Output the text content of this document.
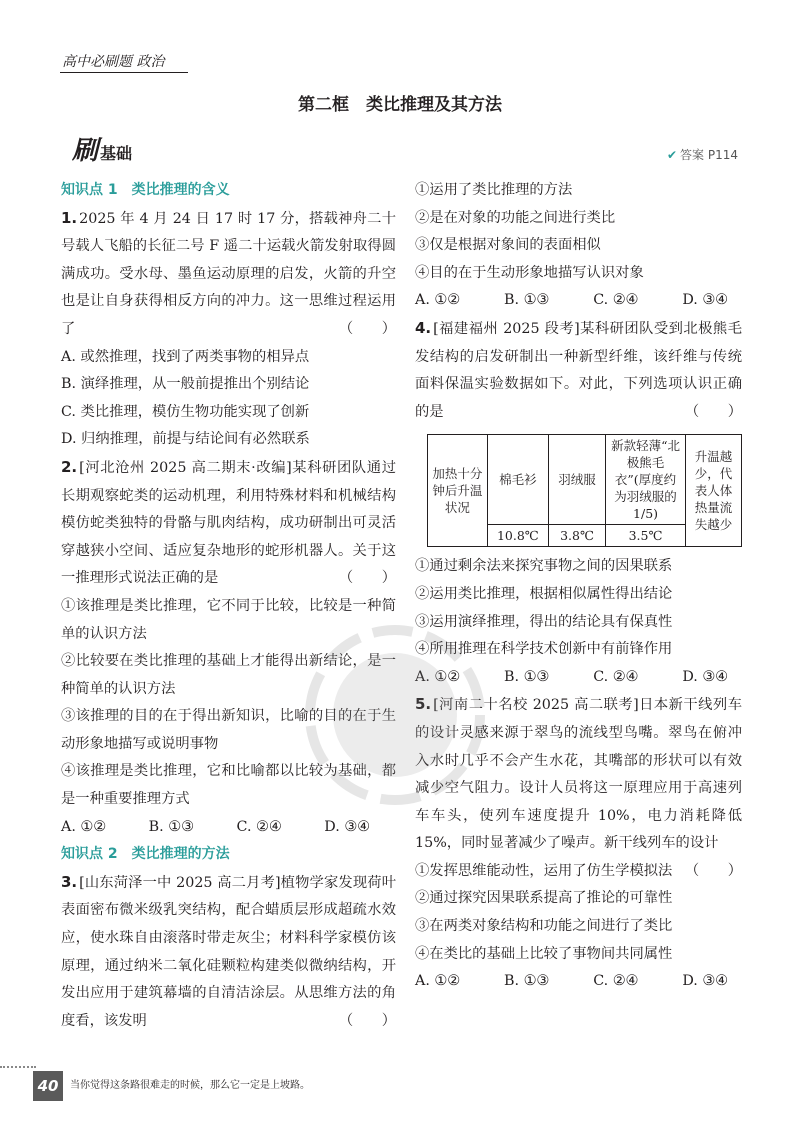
高中必刷题 政治
第二框　类比推理及其方法
刷 基础	✔ 答案 P114

知识点 1　类比推理的含义

1. 2025 年 4 月 24 日 17 时 17 分，搭载神舟二十号载人飞船的长征二号 F 遥二十运载火箭发射取得圆满成功。受水母、墨鱼运动原理的启发，火箭的升空也是让自身获得相反方向的冲力。这一思维过程运用了	（　　）

A. 或然推理，找到了两类事物的相异点

B. 演绎推理，从一般前提推出个别结论

C. 类比推理，模仿生物功能实现了创新

D. 归纳推理，前提与结论间有必然联系

2. [河北沧州 2025 高二期末·改编]某科研团队通过长期观察蛇类的运动机理，利用特殊材料和机械结构模仿蛇类独特的骨骼与肌肉结构，成功研制出可灵活穿越狭小空间、适应复杂地形的蛇形机器人。关于这一推理形式说法正确的是	（　　）

①该推理是类比推理，它不同于比较，比较是一种简单的认识方法

②比较要在类比推理的基础上才能得出新结论，是一种简单的认识方法

③该推理的目的在于得出新知识，比喻的目的在于生动形象地描写或说明事物

④该推理是类比推理，它和比喻都以比较为基础，都是一种重要推理方式

A. ①②	B. ①③	C. ②④	D. ③④

知识点 2　类比推理的方法

3. [山东菏泽一中 2025 高二月考]植物学家发现荷叶表面密布微米级乳突结构，配合蜡质层形成超疏水效应，使水珠自由滚落时带走灰尘；材料科学家模仿该原理，通过纳米二氧化硅颗粒构建类似微纳结构，开发出应用于建筑幕墙的自清洁涂层。从思维方法的角度看，该发明	（　　）

①运用了类比推理的方法

②是在对象的功能之间进行类比

③仅是根据对象间的表面相似

④目的在于生动形象地描写认识对象

A. ①②	B. ①③	C. ②④	D. ③④

4. [福建福州 2025 段考]某科研团队受到北极熊毛发结构的启发研制出一种新型纤维，该纤维与传统面料保温实验数据如下。对此，下列选项认识正确的是	（　　）

加热十分钟后升温状况	棉毛衫	羽绒服	新款轻薄“北极熊毛衣”(厚度约为羽绒服的 1/5)	升温越少，代表人体热量流失越少
	10.8℃	3.8℃	3.5℃	

①通过剩余法来探究事物之间的因果联系

②运用类比推理，根据相似属性得出结论

③运用演绎推理，得出的结论具有保真性

④所用推理在科学技术创新中有前锋作用

A. ①②	B. ①③	C. ②④	D. ③④

5. [河南二十名校 2025 高二联考]日本新干线列车的设计灵感来源于翠鸟的流线型鸟嘴。翠鸟在俯冲入水时几乎不会产生水花，其嘴部的形状可以有效减少空气阻力。设计人员将这一原理应用于高速列车车头，使列车速度提升 10%，电力消耗降低 15%，同时显著减少了噪声。新干线列车的设计
（　　）

①发挥思维能动性，运用了仿生学模拟法

②通过探究因果联系提高了推论的可靠性

③在两类对象结构和功能之间进行了类比

④在类比的基础上比较了事物间共同属性

A. ①②	B. ①③	C. ②④	D. ③④

40	当你觉得这条路很难走的时候，那么它一定是上坡路。
